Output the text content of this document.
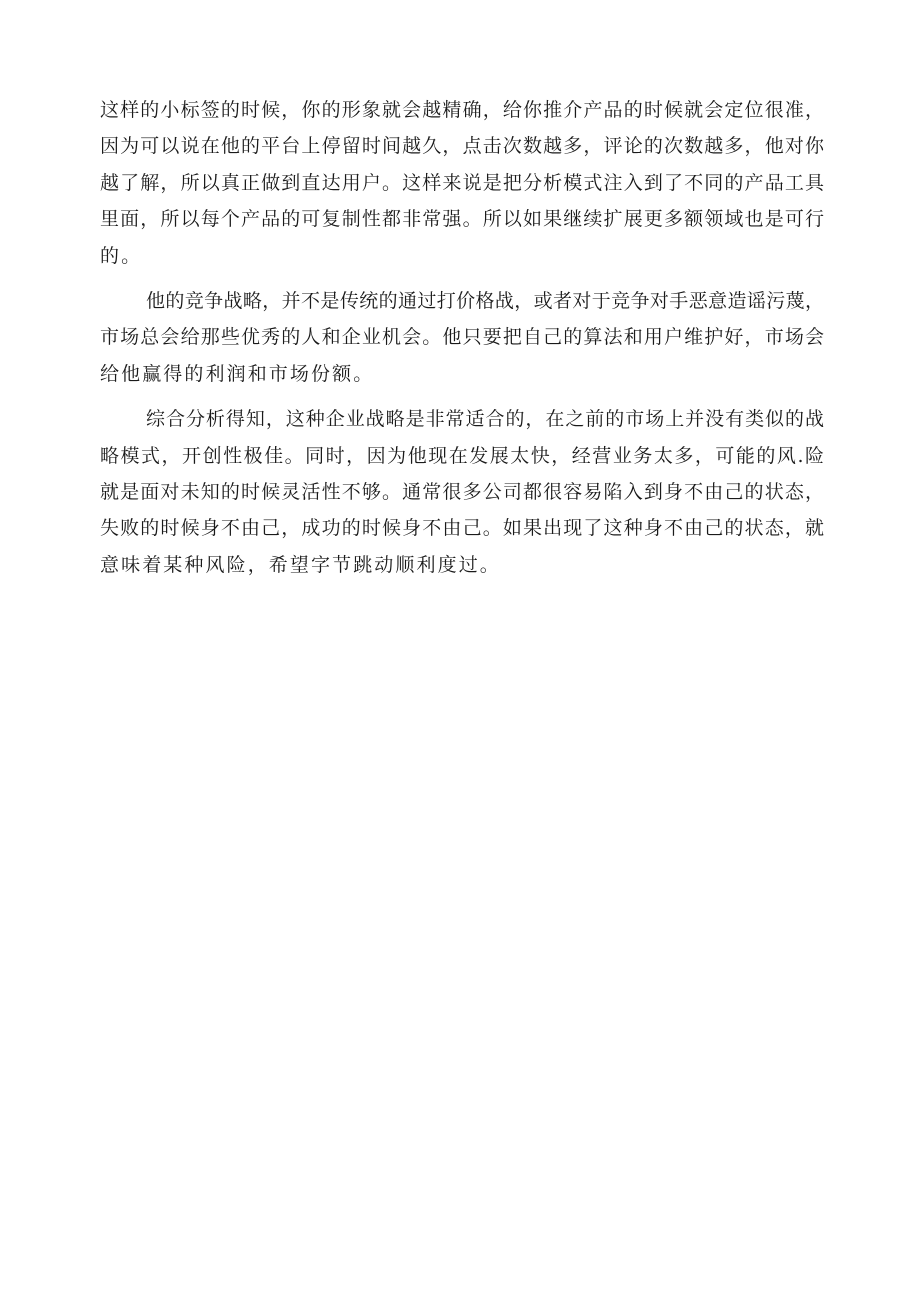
这样的小标签的时候，你的形象就会越精确，给你推介产品的时候就会定位很准，
因为可以说在他的平台上停留时间越久，点击次数越多，评论的次数越多，他对你
越了解，所以真正做到直达用户。这样来说是把分析模式注入到了不同的产品工具
里面，所以每个产品的可复制性都非常强。所以如果继续扩展更多额领域也是可行
的。
他的竞争战略，并不是传统的通过打价格战，或者对于竞争对手恶意造谣污蔑，
市场总会给那些优秀的人和企业机会。他只要把自己的算法和用户维护好，市场会
给他赢得的利润和市场份额。
综合分析得知，这种企业战略是非常适合的，在之前的市场上并没有类似的战
略模式，开创性极佳。同时，因为他现在发展太快，经营业务太多，可能的风.险
就是面对未知的时候灵活性不够。通常很多公司都很容易陷入到身不由己的状态，
失败的时候身不由己，成功的时候身不由己。如果出现了这种身不由己的状态，就
意味着某种风险，希望字节跳动顺利度过。
